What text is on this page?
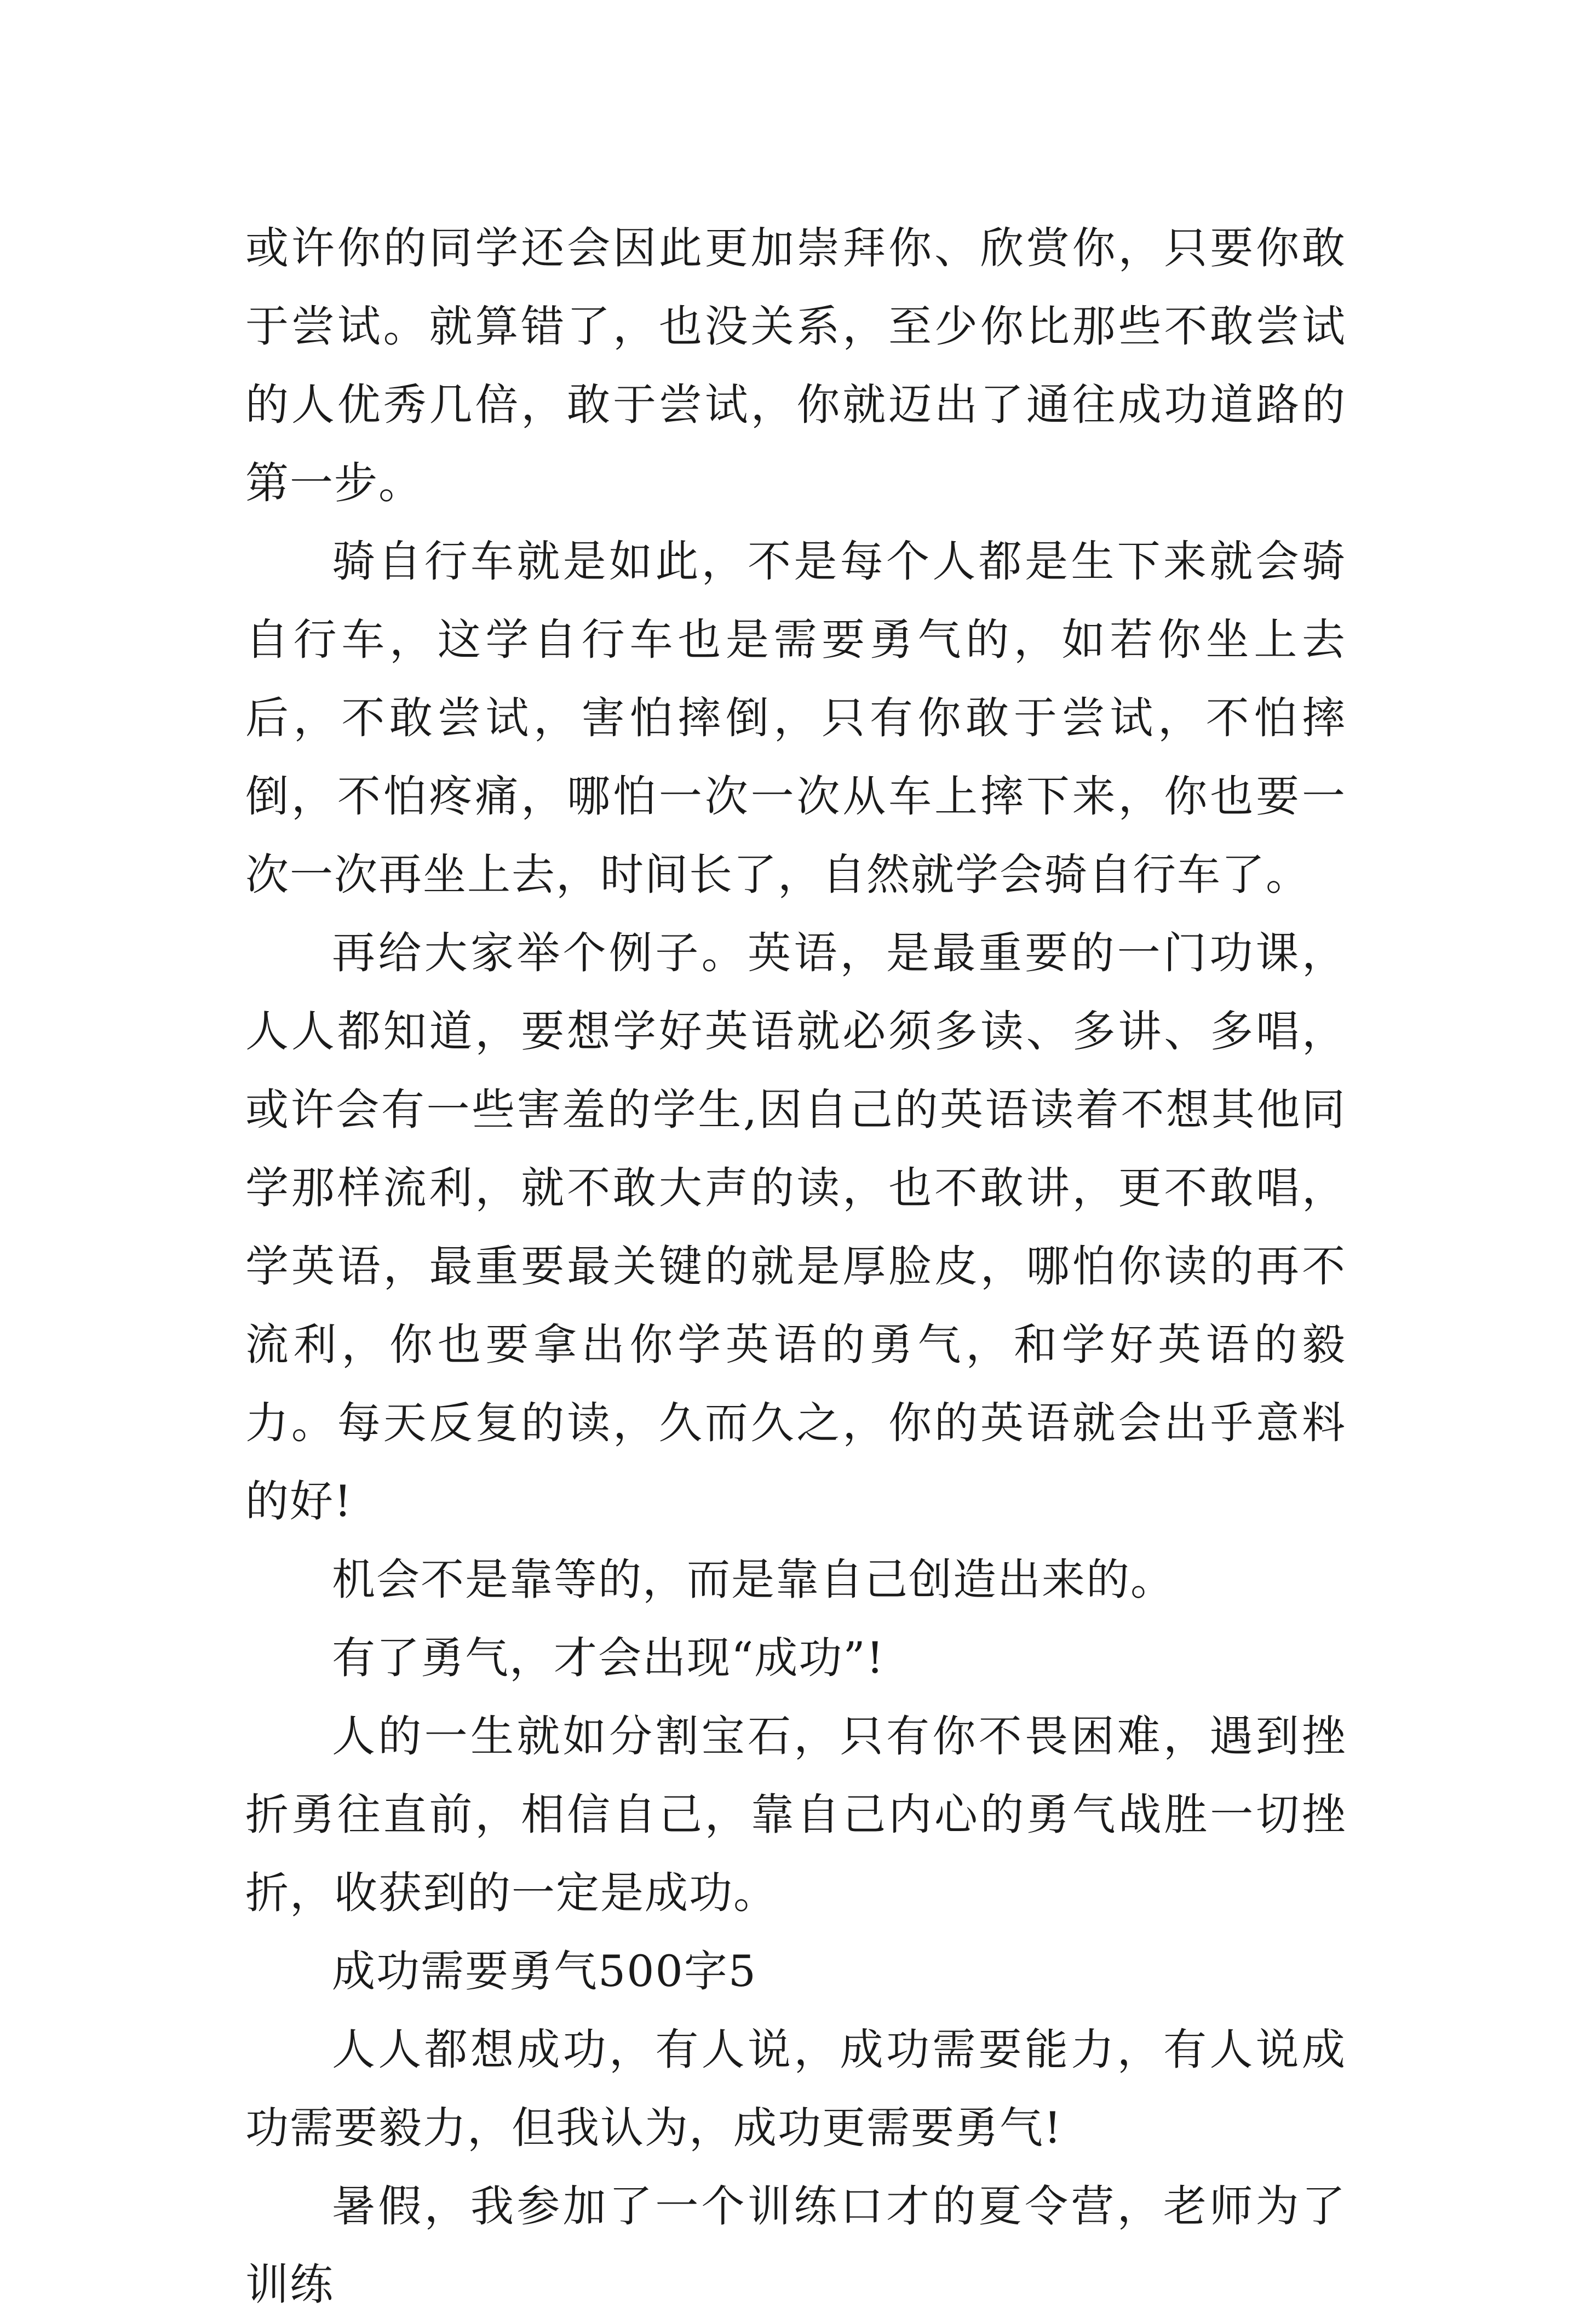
或许你的同学还会因此更加崇拜你、欣赏你，只要你敢于尝试。就算错了，也没关系，至少你比那些不敢尝试的人优秀几倍，敢于尝试，你就迈出了通往成功道路的第一步。

骑自行车就是如此，不是每个人都是生下来就会骑自行车，这学自行车也是需要勇气的，如若你坐上去后，不敢尝试，害怕摔倒，只有你敢于尝试，不怕摔倒，不怕疼痛，哪怕一次一次从车上摔下来，你也要一次一次再坐上去，时间长了，自然就学会骑自行车了。

再给大家举个例子。英语，是最重要的一门功课，人人都知道，要想学好英语就必须多读、多讲、多唱，或许会有一些害羞的学生,因自己的英语读着不想其他同学那样流利，就不敢大声的读，也不敢讲，更不敢唱，学英语，最重要最关键的就是厚脸皮，哪怕你读的再不流利，你也要拿出你学英语的勇气，和学好英语的毅力。每天反复的读，久而久之，你的英语就会出乎意料的好!

机会不是靠等的，而是靠自己创造出来的。

有了勇气，才会出现“成功”!

人的一生就如分割宝石，只有你不畏困难，遇到挫折勇往直前，相信自己，靠自己内心的勇气战胜一切挫折，收获到的一定是成功。

成功需要勇气500字5

人人都想成功，有人说，成功需要能力，有人说成功需要毅力，但我认为，成功更需要勇气!

暑假，我参加了一个训练口才的夏令营，老师为了训练
